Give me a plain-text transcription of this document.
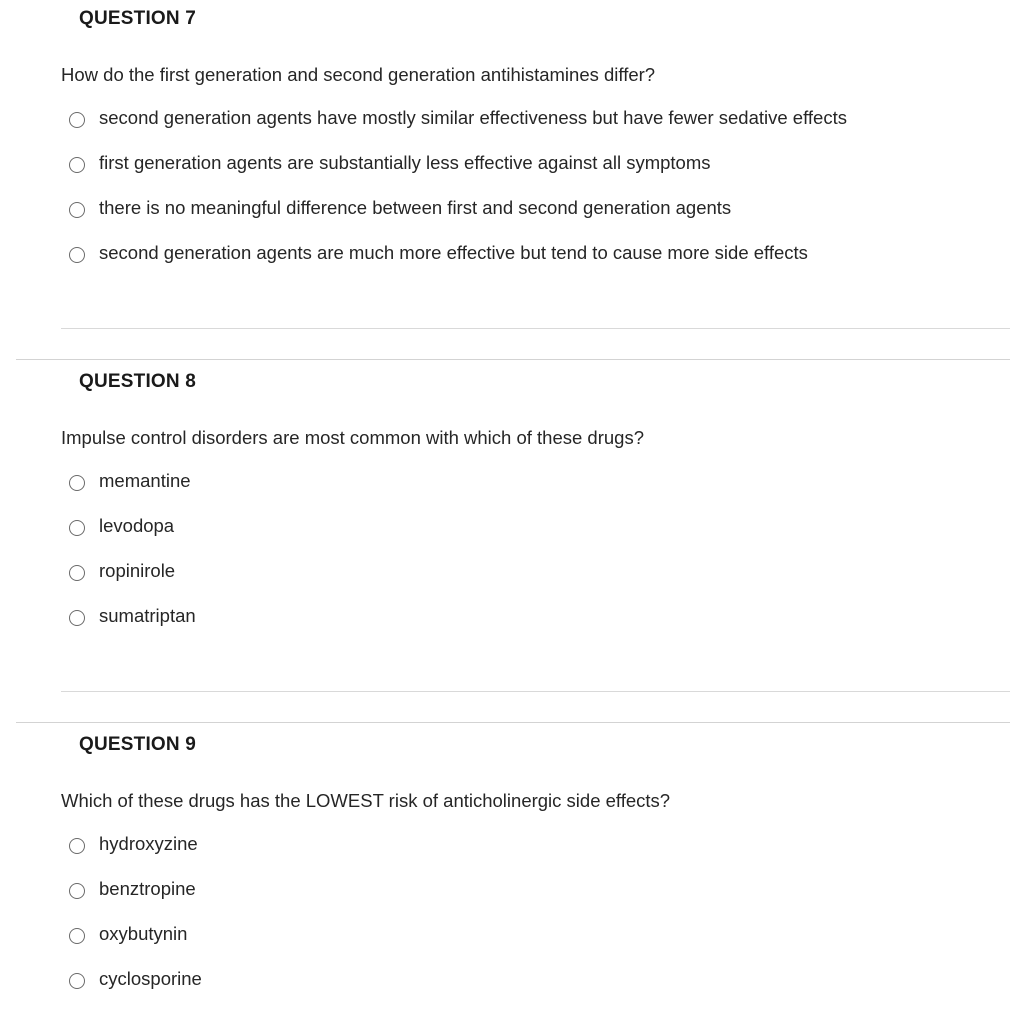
QUESTION 7

How do the first generation and second generation antihistamines differ?

second generation agents have mostly similar effectiveness but have fewer sedative effects
first generation agents are substantially less effective against all symptoms
there is no meaningful difference between first and second generation agents
second generation agents are much more effective but tend to cause more side effects
QUESTION 8

Impulse control disorders are most common with which of these drugs?

memantine
levodopa
ropinirole
sumatriptan
QUESTION 9

Which of these drugs has the LOWEST risk of anticholinergic side effects?

hydroxyzine
benztropine
oxybutynin
cyclosporine
